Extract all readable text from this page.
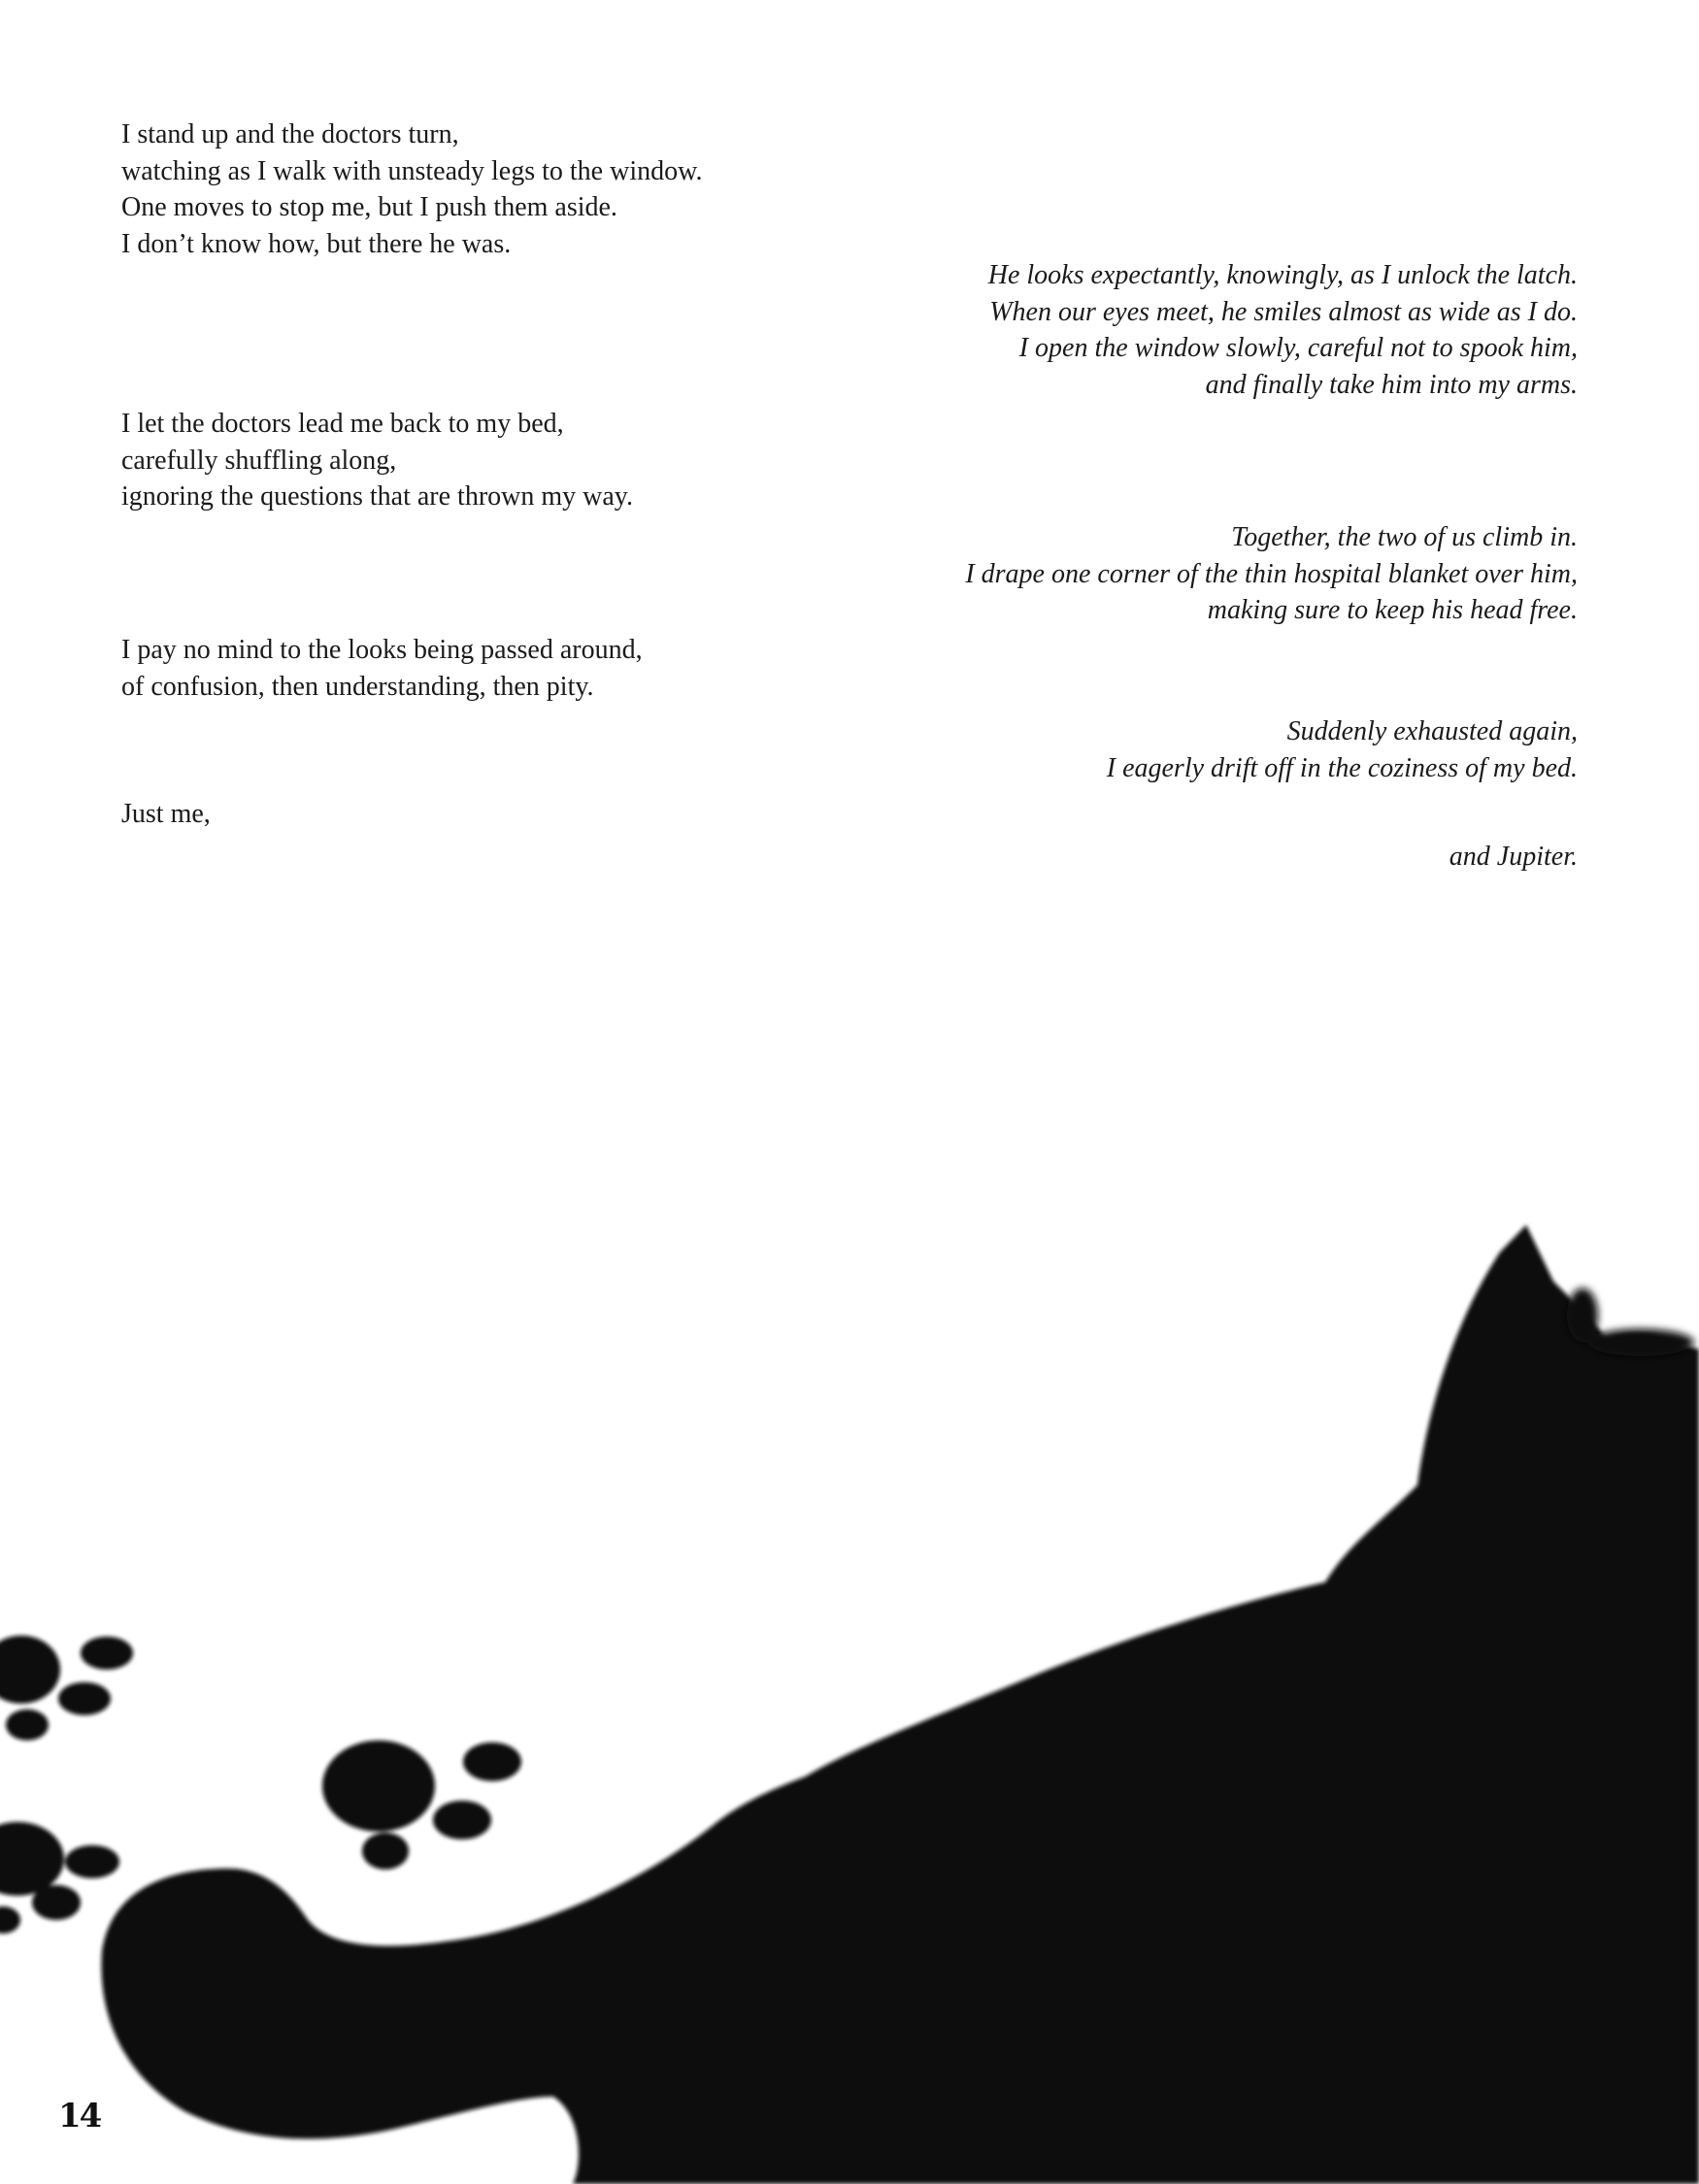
I stand up and the doctors turn,
watching as I walk with unsteady legs to the window.
One moves to stop me, but I push them aside.
I don’t know how, but there he was.
I let the doctors lead me back to my bed,
carefully shuffling along,
ignoring the questions that are thrown my way.
I pay no mind to the looks being passed around,
of confusion, then understanding, then pity.
Just me,
He looks expectantly, knowingly, as I unlock the latch.
When our eyes meet, he smiles almost as wide as I do.
I open the window slowly, careful not to spook him,
and finally take him into my arms.
Together, the two of us climb in.
I drape one corner of the thin hospital blanket over him,
making sure to keep his head free.
Suddenly exhausted again,
I eagerly drift off in the coziness of my bed.
and Jupiter.
14
